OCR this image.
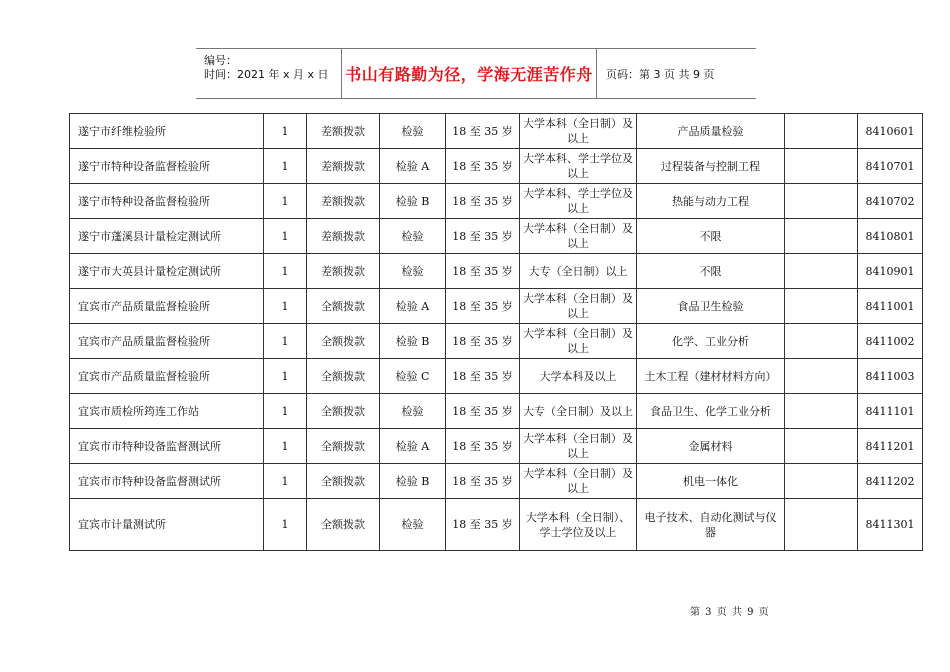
编号：
时间：2021 年 x 月 x 日 书山有路勤为径，学海无涯苦作舟	页码：第 3 页 共 9 页
遂宁市纤维检验所	1	差额拨款	检验	18 至 35 岁	大学本科（全日制）及以上	产品质量检验		8410601
遂宁市特种设备监督检验所	1	差额拨款	检验 A	18 至 35 岁	大学本科、学士学位及以上	过程装备与控制工程		8410701
遂宁市特种设备监督检验所	1	差额拨款	检验 B	18 至 35 岁	大学本科、学士学位及以上	热能与动力工程		8410702
遂宁市蓬溪县计量检定测试所	1	差额拨款	检验	18 至 35 岁	大学本科（全日制）及以上	不限		8410801
遂宁市大英县计量检定测试所	1	差额拨款	检验	18 至 35 岁	大专（全日制）以上	不限		8410901
宜宾市产品质量监督检验所	1	全额拨款	检验 A	18 至 35 岁	大学本科（全日制）及以上	食品卫生检验		8411001
宜宾市产品质量监督检验所	1	全额拨款	检验 B	18 至 35 岁	大学本科（全日制）及以上	化学、工业分析		8411002
宜宾市产品质量监督检验所	1	全额拨款	检验 C	18 至 35 岁	大学本科及以上	土木工程（建材材料方向）		8411003
宜宾市质检所筠连工作站	1	全额拨款	检验	18 至 35 岁	大专（全日制）及以上	食品卫生、化学工业分析		8411101
宜宾市市特种设备监督测试所	1	全额拨款	检验 A	18 至 35 岁	大学本科（全日制）及以上	金属材料		8411201
宜宾市市特种设备监督测试所	1	全额拨款	检验 B	18 至 35 岁	大学本科（全日制）及以上	机电一体化		8411202
宜宾市计量测试所	1	全额拨款	检验	18 至 35 岁	大学本科（全日制）、学士学位及以上	电子技术、自动化测试与仪器		8411301
第 3 页 共 9 页
